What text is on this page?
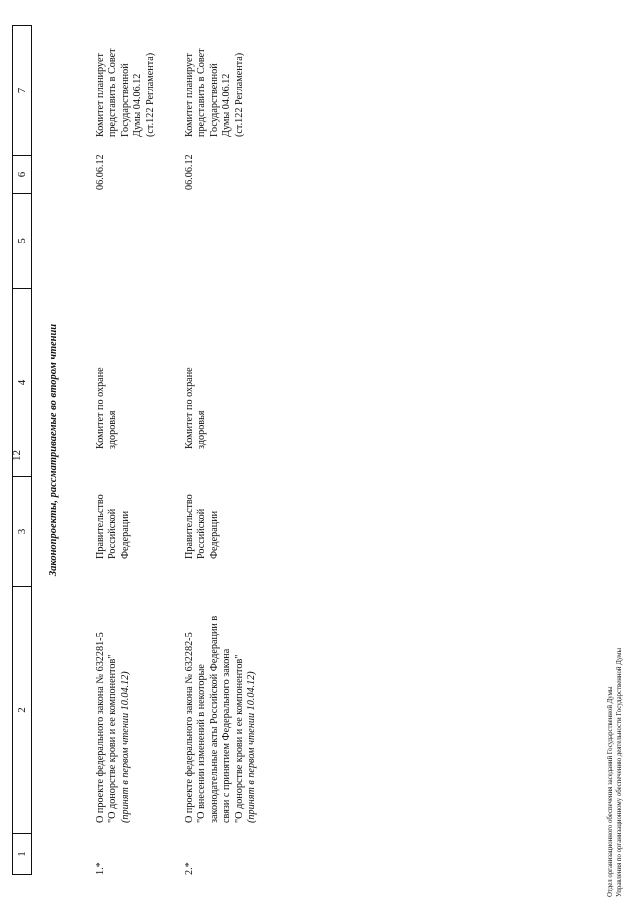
12
1
2
3
4
5
6
7
Законопроекты, рассматриваемые во втором чтении
1.*
О проекте федерального закона № 632281-5 "О донорстве крови и ее компонентов" (принят в первом чтении 10.04.12)
Правительство Российской Федерации
Комитет по охране здоровья
06.06.12
Комитет планирует представить в Совет Государственной Думы 04.06.12 (ст.122 Регламента)
2.*
О проекте федерального закона № 632282-5 "О внесении изменений в некоторые законодательные акты Российской Федерации в связи с принятием Федерального закона "О донорстве крови и ее компонентов" (принят в первом чтении 10.04.12)
Правительство Российской Федерации
Комитет по охране здоровья
06.06.12
Комитет планирует представить в Совет Государственной Думы 04.06.12 (ст.122 Регламента)
Отдел организационного обеспечения заседаний Государственной Думы Управления по организационному обеспечению деятельности Государственной Думы
